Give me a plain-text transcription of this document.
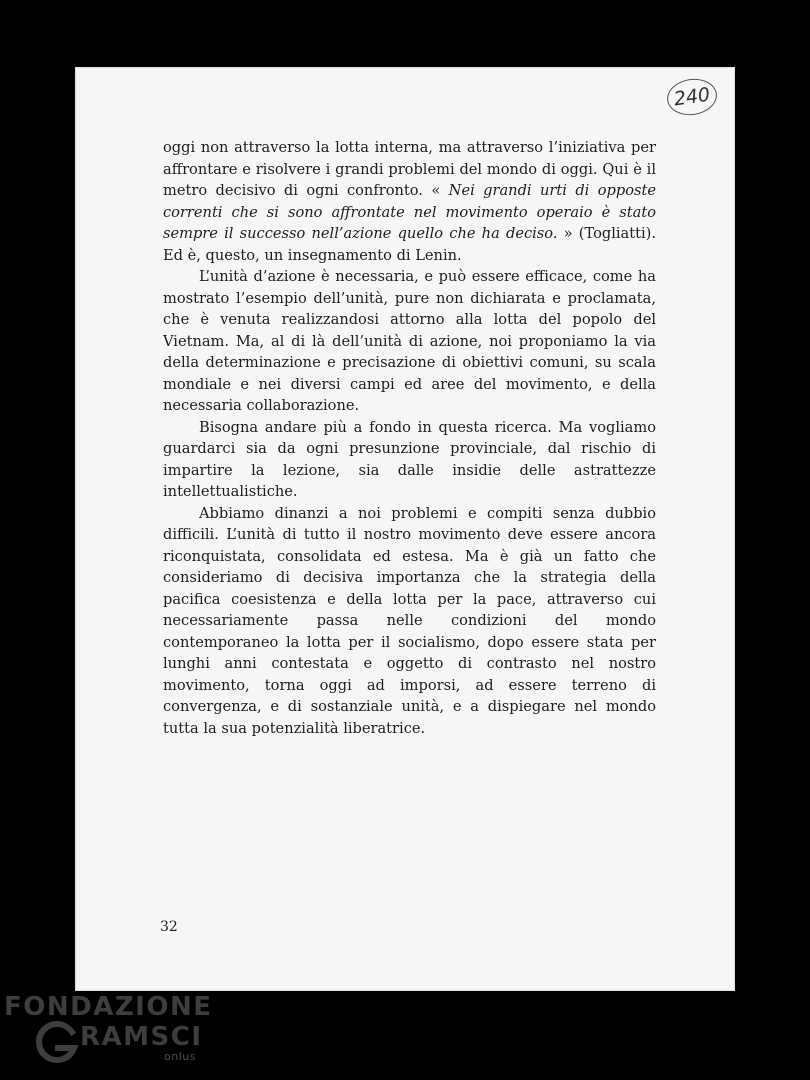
240

oggi non attraverso la lotta interna, ma attraverso l’iniziativa per affrontare e risolvere i grandi problemi del mondo di oggi. Qui è il metro decisivo di ogni confronto. « Nei grandi urti di opposte correnti che si sono affrontate nel movimento operaio è stato sempre il successo nell’azione quello che ha deciso. » (Togliatti). Ed è, questo, un insegnamento di Lenin.

L’unità d’azione è necessaria, e può essere efficace, come ha mostrato l’esempio dell’unità, pure non dichiarata e proclamata, che è venuta realizzandosi attorno alla lotta del popolo del Vietnam. Ma, al di là dell’unità di azione, noi proponiamo la via della determinazione e precisazione di obiettivi comuni, su scala mondiale e nei diversi campi ed aree del movimento, e della necessaria collaborazione.

Bisogna andare più a fondo in questa ricerca. Ma vogliamo guardarci sia da ogni presunzione provinciale, dal rischio di impartire la lezione, sia dalle insidie delle astrattezze intellettualistiche.

Abbiamo dinanzi a noi problemi e compiti senza dubbio difficili. L’unità di tutto il nostro movimento deve essere ancora riconquistata, consolidata ed estesa. Ma è già un fatto che consideriamo di decisiva importanza che la strategia della pacifica coesistenza e della lotta per la pace, attraverso cui necessariamente passa nelle condizioni del mondo contemporaneo la lotta per il socialismo, dopo essere stata per lunghi anni contestata e oggetto di contrasto nel nostro movimento, torna oggi ad imporsi, ad essere terreno di convergenza, e di sostanziale unità, e a dispiegare nel mondo tutta la sua potenzialità liberatrice.

32
FONDAZIONE
RAMSCI
onlus
